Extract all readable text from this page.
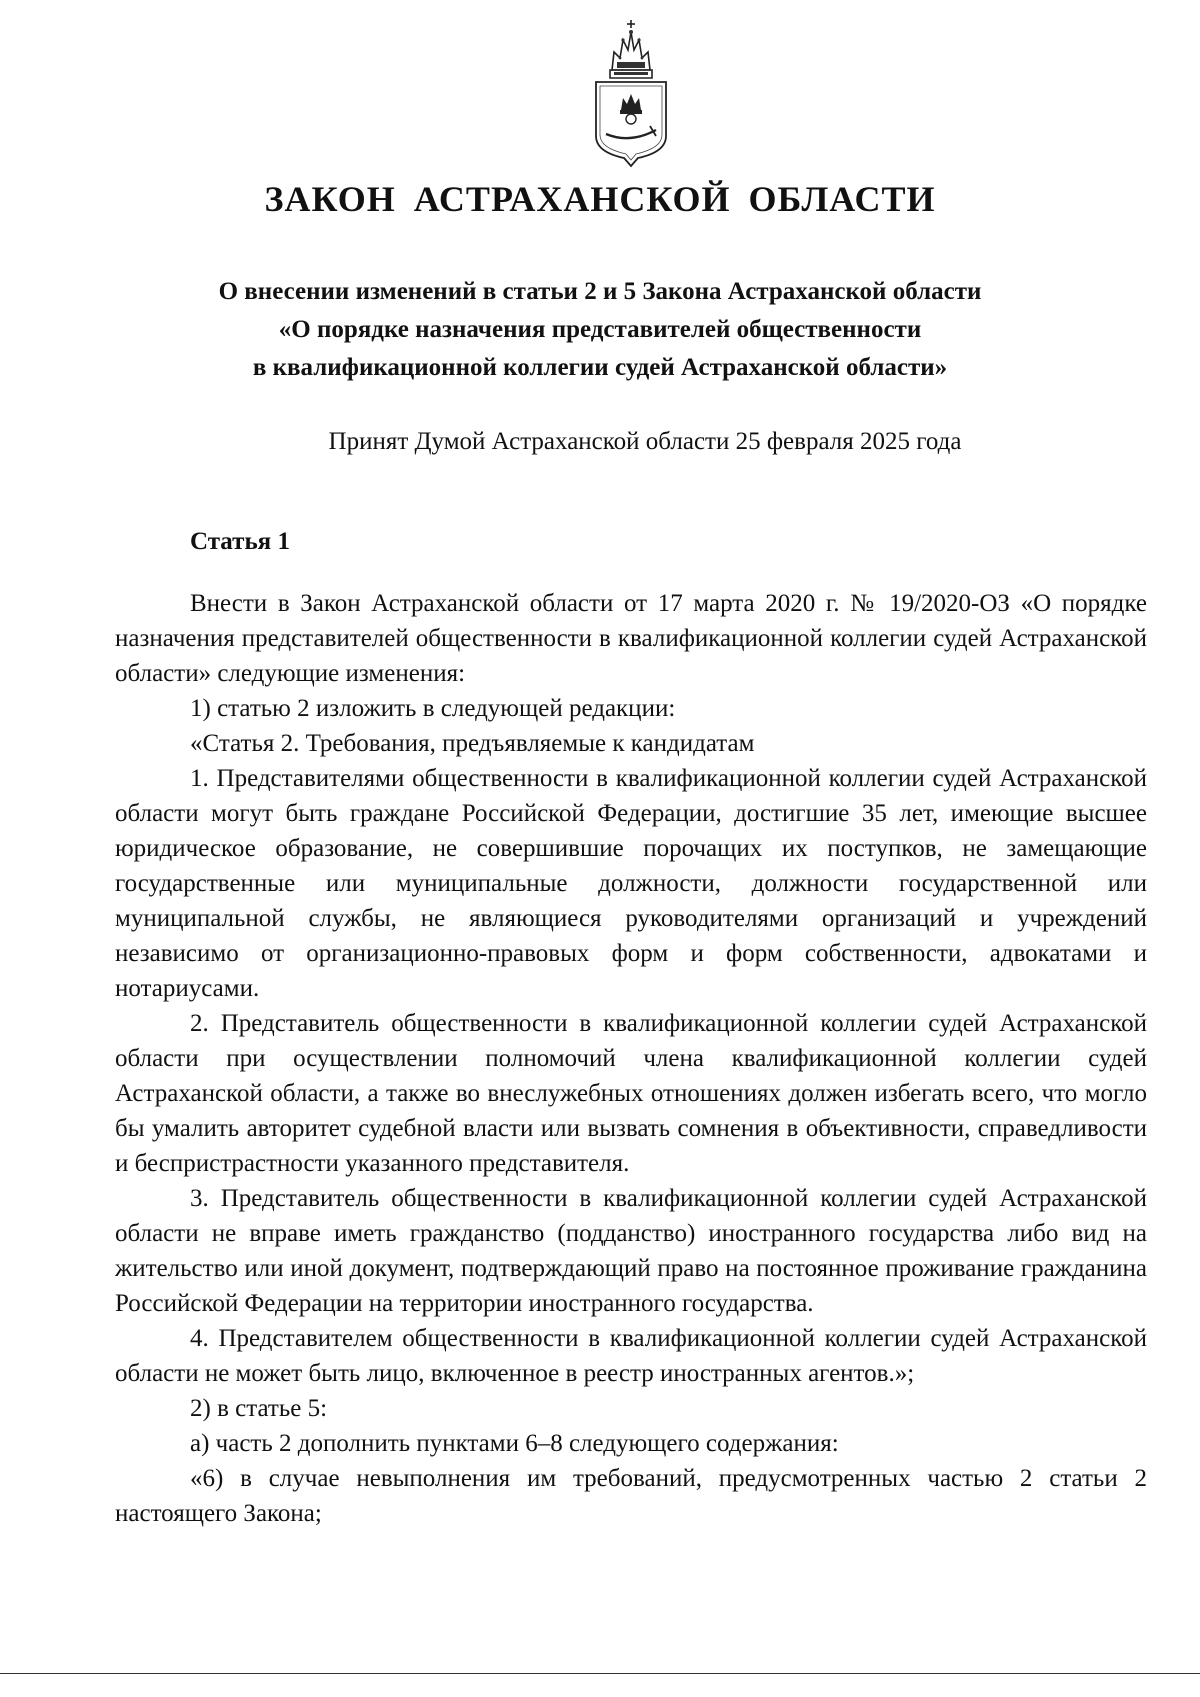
ЗАКОН АСТРАХАНСКОЙ ОБЛАСТИ
О внесении изменений в статьи 2 и 5 Закона Астраханской области
«О порядке назначения представителей общественности
в квалификационной коллегии судей Астраханской области»
Принят Думой Астраханской области 25 февраля 2025 года
Статья 1

Внести в Закон Астраханской области от 17 марта 2020 г. № 19/2020-ОЗ «О порядке назначения представителей общественности в квалификационной коллегии судей Астраханской области» следующие изменения:

1) статью 2 изложить в следующей редакции:

«Статья 2. Требования, предъявляемые к кандидатам

1. Представителями общественности в квалификационной коллегии судей Астраханской области могут быть граждане Российской Федерации, достигшие 35 лет, имеющие высшее юридическое образование, не совершившие порочащих их поступков, не замещающие государственные или муниципальные должности, должности государственной или муниципальной службы, не являющиеся руководителями организаций и учреждений независимо от организационно-правовых форм и форм собственности, адвокатами и нотариусами.

2. Представитель общественности в квалификационной коллегии судей Астраханской области при осуществлении полномочий члена квалификационной коллегии судей Астраханской области, а также во внеслужебных отношениях должен избегать всего, что могло бы умалить авторитет судебной власти или вызвать сомнения в объективности, справедливости и беспристрастности указанного представителя.

3. Представитель общественности в квалификационной коллегии судей Астраханской области не вправе иметь гражданство (подданство) иностранного государства либо вид на жительство или иной документ, подтверждающий право на постоянное проживание гражданина Российской Федерации на территории иностранного государства.

4. Представителем общественности в квалификационной коллегии судей Астраханской области не может быть лицо, включенное в реестр иностранных агентов.»;

2) в статье 5:

а) часть 2 дополнить пунктами 6–8 следующего содержания:

«6) в случае невыполнения им требований, предусмотренных частью 2 статьи 2 настоящего Закона;
